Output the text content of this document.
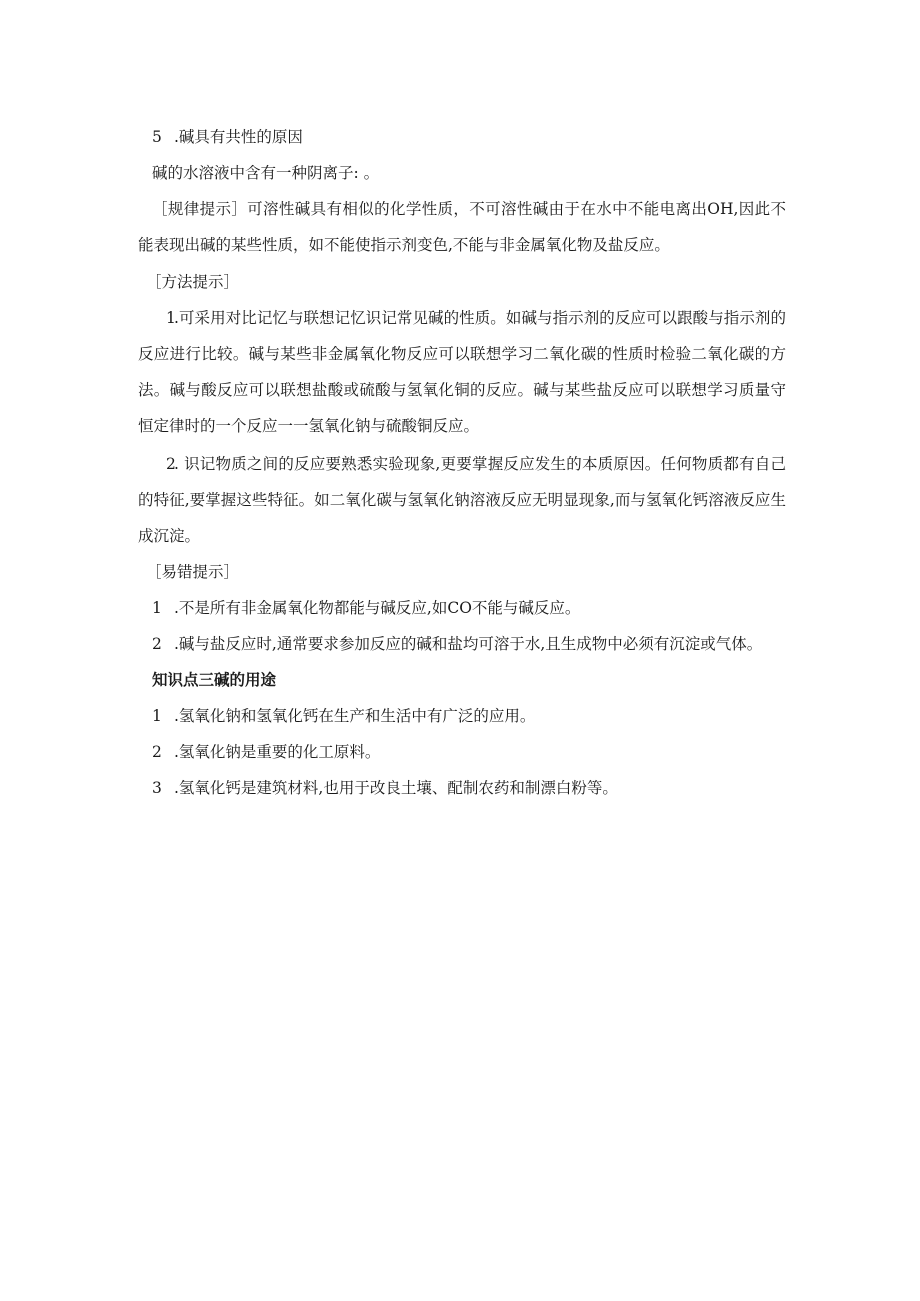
5 .碱具有共性的原因
碱的水溶液中含有一种阴离子: 。
［规律提示］可溶性碱具有相似的化学性质，不可溶性碱由于在水中不能电离出OH,因此不能表现出碱的某些性质，如不能使指示剂变色,不能与非金属氧化物及盐反应。
［方法提示］
1.可采用对比记忆与联想记忆识记常见碱的性质。如碱与指示剂的反应可以跟酸与指示剂的反应进行比较。碱与某些非金属氧化物反应可以联想学习二氧化碳的性质时检验二氧化碳的方法。碱与酸反应可以联想盐酸或硫酸与氢氧化铜的反应。碱与某些盐反应可以联想学习质量守恒定律时的一个反应一一氢氧化钠与硫酸铜反应。
2. 识记物质之间的反应要熟悉实验现象,更要掌握反应发生的本质原因。任何物质都有自己的特征,要掌握这些特征。如二氧化碳与氢氧化钠溶液反应无明显现象,而与氢氧化钙溶液反应生成沉淀。
［易错提示］
1 .不是所有非金属氧化物都能与碱反应,如CO不能与碱反应。
2 .碱与盐反应时,通常要求参加反应的碱和盐均可溶于水,且生成物中必须有沉淀或气体。
知识点三碱的用途
1 .氢氧化钠和氢氧化钙在生产和生活中有广泛的应用。
2 .氢氧化钠是重要的化工原料。
3 .氢氧化钙是建筑材料,也用于改良土壤、配制农药和制漂白粉等。
